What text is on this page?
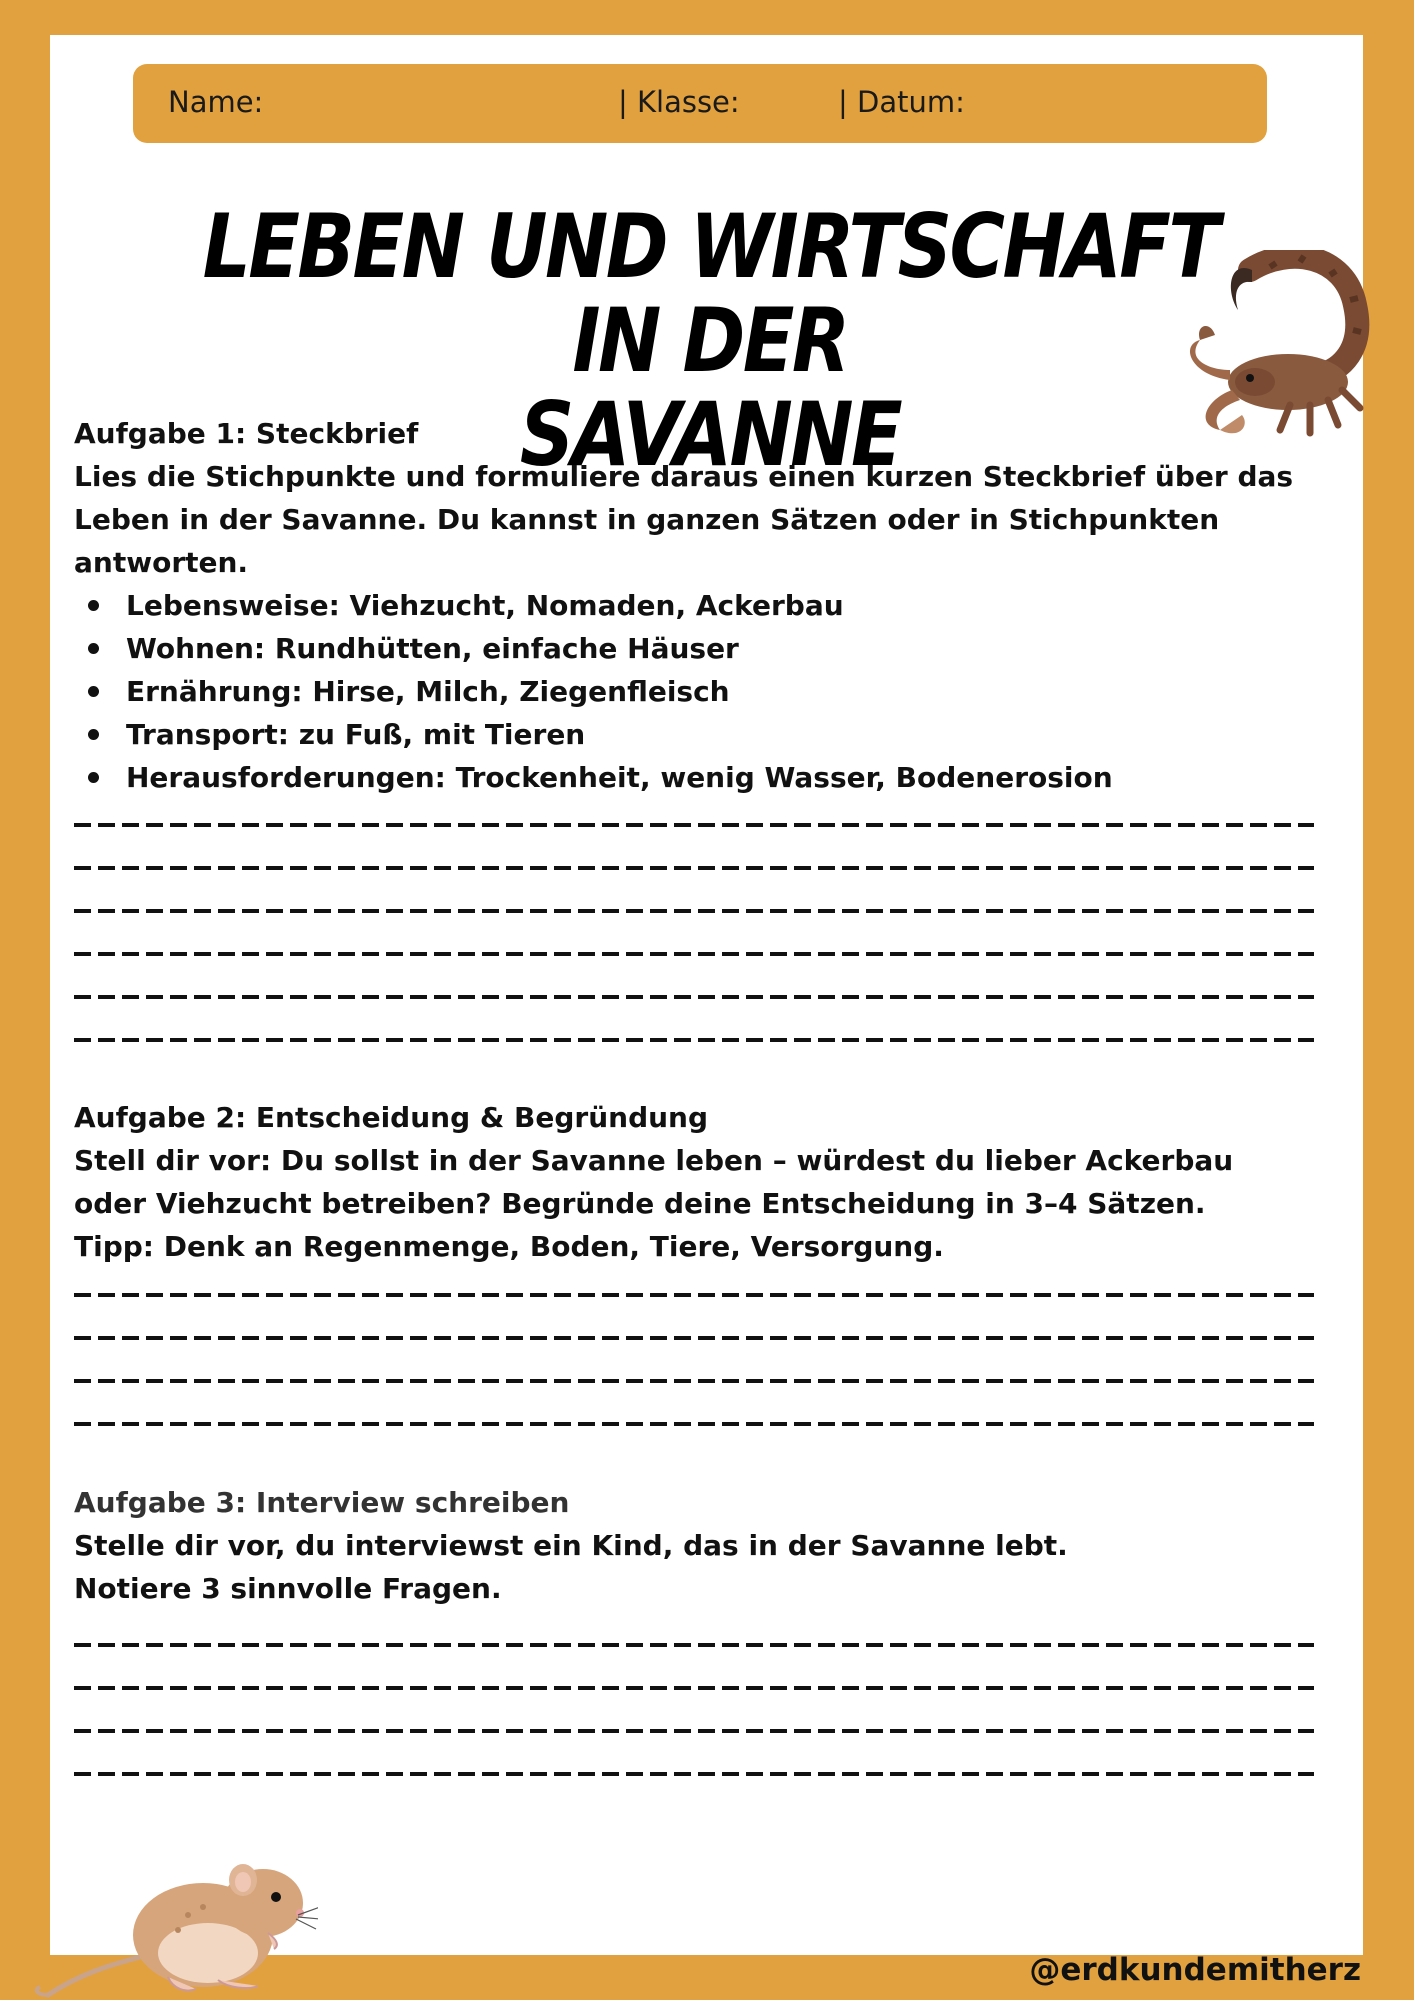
Name:	| Klasse:	| Datum:
LEBEN UND WIRTSCHAFT IN DER
SAVANNE
Aufgabe 1: Steckbrief
Lies die Stichpunkte und formuliere daraus einen kurzen Steckbrief über das Leben in der Savanne. Du kannst in ganzen Sätzen oder in Stichpunkten antworten.
Lebensweise: Viehzucht, Nomaden, Ackerbau
Wohnen: Rundhütten, einfache Häuser
Ernährung: Hirse, Milch, Ziegenfleisch
Transport: zu Fuß, mit Tieren
Herausforderungen: Trockenheit, wenig Wasser, Bodenerosion
Aufgabe 2: Entscheidung & Begründung
Stell dir vor: Du sollst in der Savanne leben – würdest du lieber Ackerbau oder Viehzucht betreiben? Begründe deine Entscheidung in 3–4 Sätzen.
Tipp: Denk an Regenmenge, Boden, Tiere, Versorgung.
Aufgabe 3: Interview schreiben
Stelle dir vor, du interviewst ein Kind, das in der Savanne lebt.
Notiere 3 sinnvolle Fragen.
@erdkundemitherz
